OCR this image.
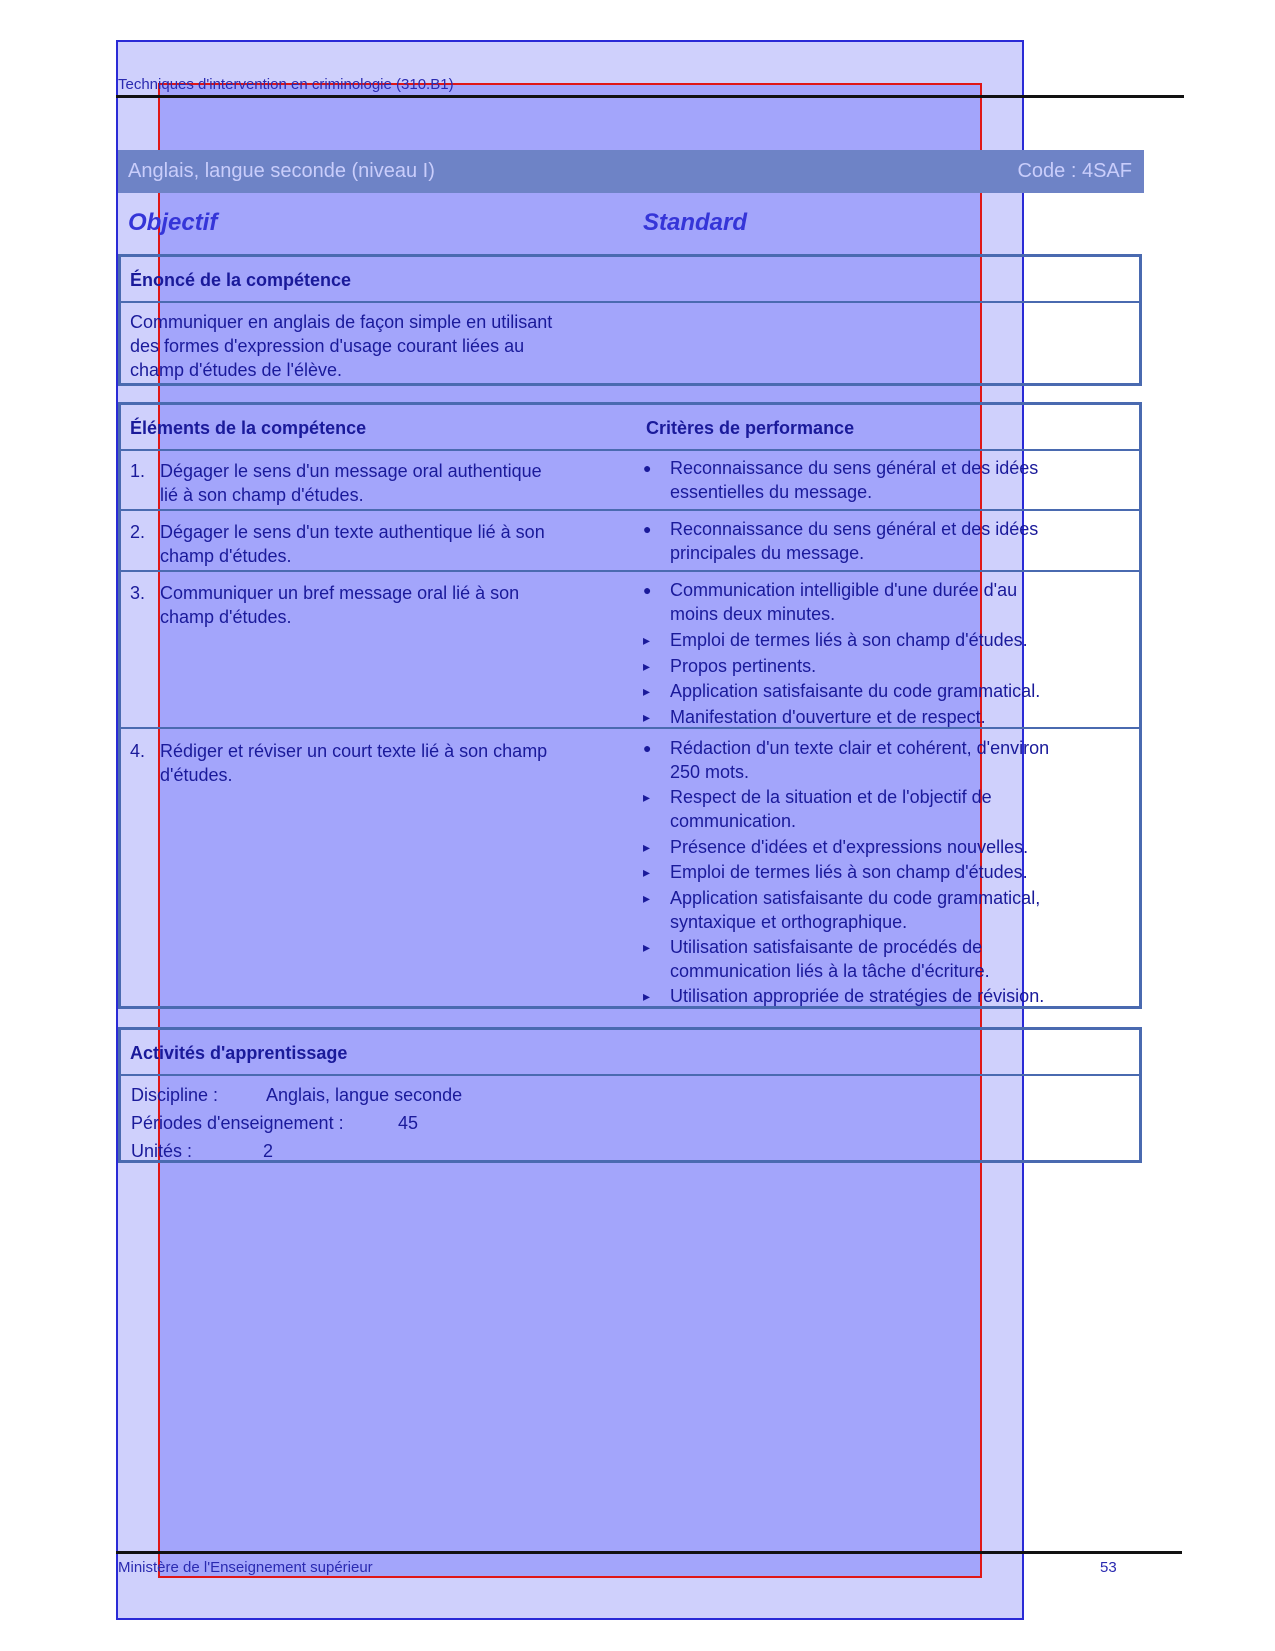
Techniques d'intervention en criminologie (310.B1)
Anglais, langue seconde (niveau I)	Code : 4SAF
Objectif	Standard
Énoncé de la compétence
Communiquer en anglais de façon simple en utilisant
des formes d'expression d'usage courant liées au
champ d'études de l'élève.
Éléments de la compétence	Critères de performance
1. Dégager le sens d'un message oral authentique
lié à son champ d'études.
● Reconnaissance du sens général et des idées
essentielles du message.
2. Dégager le sens d'un texte authentique lié à son
champ d'études.
● Reconnaissance du sens général et des idées
principales du message.
3. Communiquer un bref message oral lié à son
champ d'études.
● Communication intelligible d'une durée d'au
moins deux minutes.
▸ Emploi de termes liés à son champ d'études.
▸ Propos pertinents.
▸ Application satisfaisante du code grammatical.
▸ Manifestation d'ouverture et de respect.
4. Rédiger et réviser un court texte lié à son champ
d'études.
● Rédaction d'un texte clair et cohérent, d'environ
250 mots.
▸ Respect de la situation et de l'objectif de
communication.
▸ Présence d'idées et d'expressions nouvelles.
▸ Emploi de termes liés à son champ d'études.
▸ Application satisfaisante du code grammatical,
syntaxique et orthographique.
▸ Utilisation satisfaisante de procédés de
communication liés à la tâche d'écriture.
▸ Utilisation appropriée de stratégies de révision.
Activités d'apprentissage
Discipline :	Anglais, langue seconde
Périodes d'enseignement :	45
Unités :	2
Ministère de l'Enseignement supérieur	53
